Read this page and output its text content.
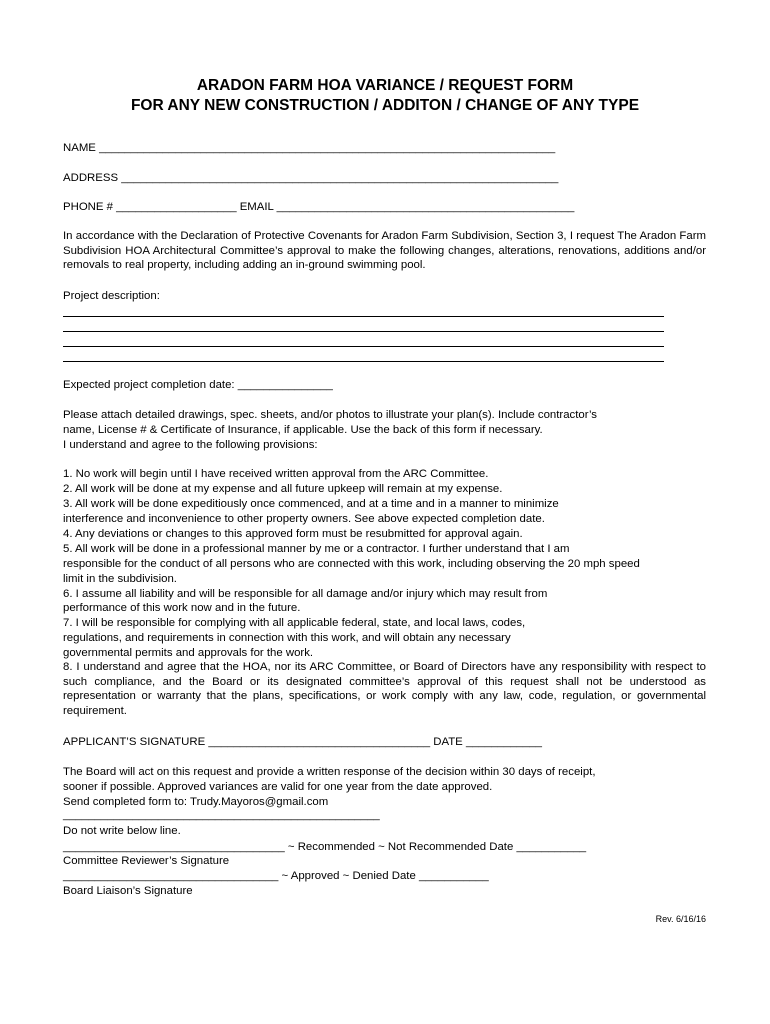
ARADON FARM HOA VARIANCE / REQUEST FORM
FOR ANY NEW CONSTRUCTION / ADDITON / CHANGE OF ANY TYPE
NAME ________________________________________________________________________
ADDRESS _____________________________________________________________________
PHONE # ___________________ EMAIL _______________________________________________
In accordance with the Declaration of Protective Covenants for Aradon Farm Subdivision, Section 3, I request The Aradon Farm Subdivision HOA Architectural Committee’s approval to make the following changes, alterations, renovations, additions and/or removals to real property, including adding an in-ground swimming pool.
Project description:
Expected project completion date: _______________
Please attach detailed drawings, spec. sheets, and/or photos to illustrate your plan(s). Include contractor’s
name, License # & Certificate of Insurance, if applicable. Use the back of this form if necessary.
I understand and agree to the following provisions:
1. No work will begin until I have received written approval from the ARC Committee.
2. All work will be done at my expense and all future upkeep will remain at my expense.
3. All work will be done expeditiously once commenced, and at a time and in a manner to minimize
interference and inconvenience to other property owners. See above expected completion date.
4. Any deviations or changes to this approved form must be resubmitted for approval again.
5. All work will be done in a professional manner by me or a contractor. I further understand that I am
responsible for the conduct of all persons who are connected with this work, including observing the 20 mph speed
limit in the subdivision.
6. I assume all liability and will be responsible for all damage and/or injury which may result from
performance of this work now and in the future.
7. I will be responsible for complying with all applicable federal, state, and local laws, codes,
regulations, and requirements in connection with this work, and will obtain any necessary
governmental permits and approvals for the work.
8. I understand and agree that the HOA, nor its ARC Committee, or Board of Directors have any responsibility with respect to such compliance, and the Board or its designated committee’s approval of this request shall not be understood as representation or warranty that the plans, specifications, or work comply with any law, code, regulation, or governmental requirement.
APPLICANT’S SIGNATURE ___________________________________ DATE ____________
The Board will act on this request and provide a written response of the decision within 30 days of receipt,
sooner if possible. Approved variances are valid for one year from the date approved.
Send completed form to: Trudy.Mayoros@gmail.com
__________________________________________________
Do not write below line.
___________________________________ ~ Recommended ~ Not Recommended Date ___________
Committee Reviewer’s Signature
__________________________________ ~ Approved ~ Denied Date ___________
Board Liaison’s Signature
Rev. 6/16/16
